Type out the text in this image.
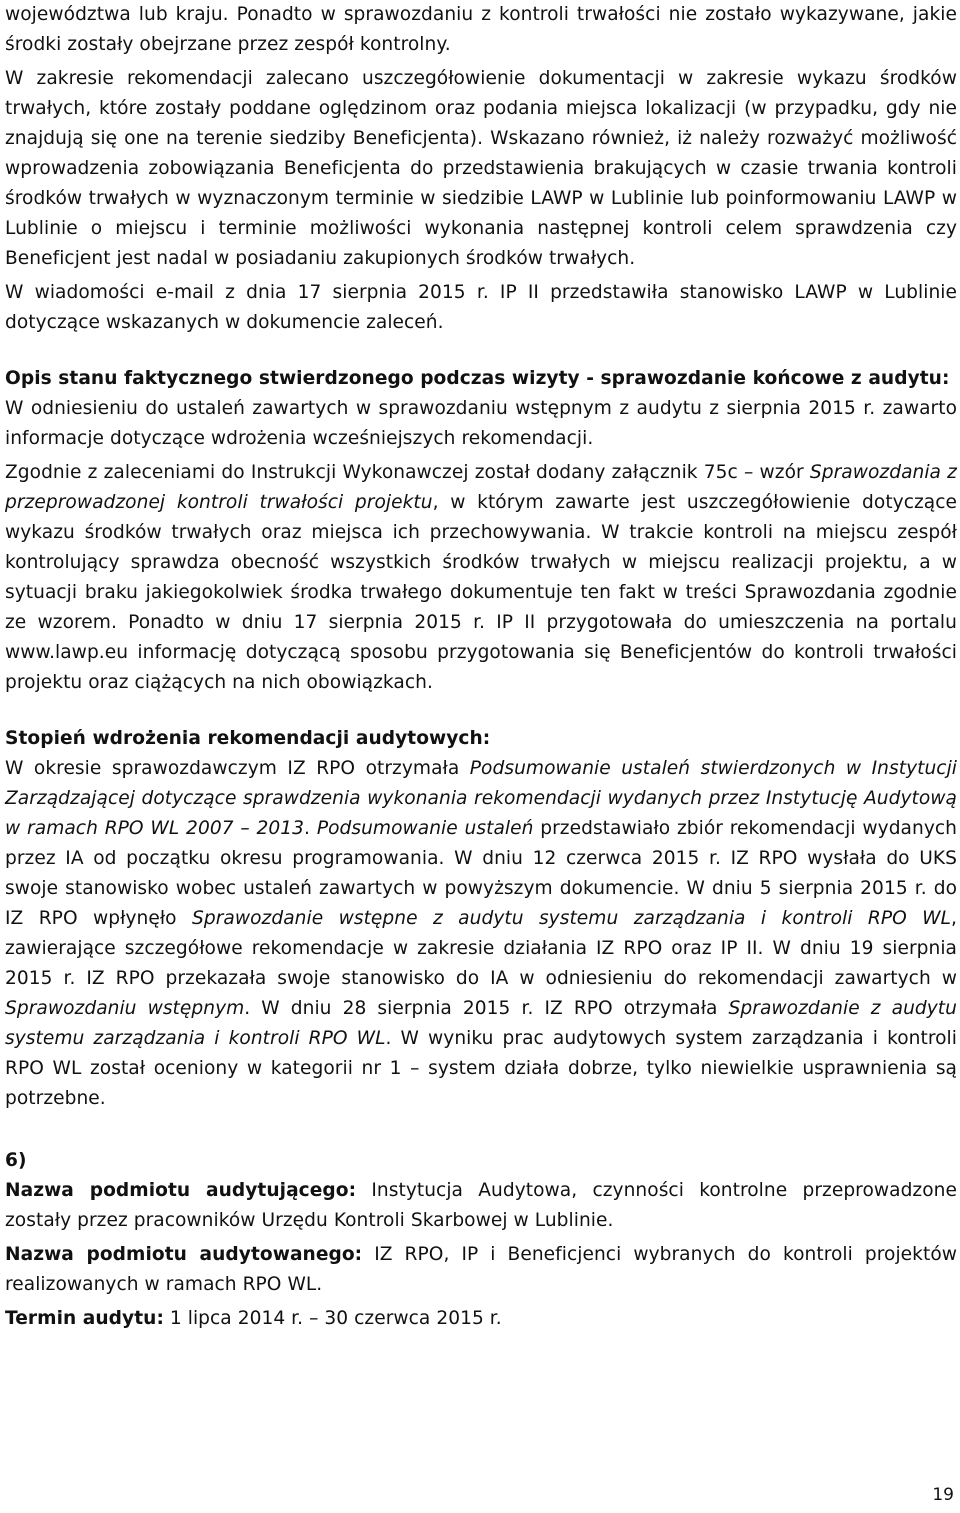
województwa lub kraju. Ponadto w sprawozdaniu z kontroli trwałości nie zostało wykazywane, jakie środki zostały obejrzane przez zespół kontrolny.

W zakresie rekomendacji zalecano uszczegółowienie dokumentacji w zakresie wykazu środków trwałych, które zostały poddane oględzinom oraz podania miejsca lokalizacji (w przypadku, gdy nie znajdują się one na terenie siedziby Beneficjenta). Wskazano również, iż należy rozważyć możliwość wprowadzenia zobowiązania Beneficjenta do przedstawienia brakujących w czasie trwania kontroli środków trwałych w wyznaczonym terminie w siedzibie LAWP w Lublinie lub poinformowaniu LAWP w Lublinie o miejscu i terminie możliwości wykonania następnej kontroli celem sprawdzenia czy Beneficjent jest nadal w posiadaniu zakupionych środków trwałych.

W wiadomości e-mail z dnia 17 sierpnia 2015 r. IP II przedstawiła stanowisko LAWP w Lublinie dotyczące wskazanych w dokumencie zaleceń.

Opis stanu faktycznego stwierdzonego podczas wizyty - sprawozdanie końcowe z audytu:

W odniesieniu do ustaleń zawartych w sprawozdaniu wstępnym z audytu z sierpnia 2015 r. zawarto informacje dotyczące wdrożenia wcześniejszych rekomendacji.

Zgodnie z zaleceniami do Instrukcji Wykonawczej został dodany załącznik 75c – wzór Sprawozdania z przeprowadzonej kontroli trwałości projektu, w którym zawarte jest uszczegółowienie dotyczące wykazu środków trwałych oraz miejsca ich przechowywania. W trakcie kontroli na miejscu zespół kontrolujący sprawdza obecność wszystkich środków trwałych w miejscu realizacji projektu, a w sytuacji braku jakiegokolwiek środka trwałego dokumentuje ten fakt w treści Sprawozdania zgodnie ze wzorem. Ponadto w dniu 17 sierpnia 2015 r. IP II przygotowała do umieszczenia na portalu www.lawp.eu informację dotyczącą sposobu przygotowania się Beneficjentów do kontroli trwałości projektu oraz ciążących na nich obowiązkach.

Stopień wdrożenia rekomendacji audytowych:

W okresie sprawozdawczym IZ RPO otrzymała Podsumowanie ustaleń stwierdzonych w Instytucji Zarządzającej dotyczące sprawdzenia wykonania rekomendacji wydanych przez Instytucję Audytową w ramach RPO WL 2007 – 2013. Podsumowanie ustaleń przedstawiało zbiór rekomendacji wydanych przez IA od początku okresu programowania. W dniu 12 czerwca 2015 r. IZ RPO wysłała do UKS swoje stanowisko wobec ustaleń zawartych w powyższym dokumencie. W dniu 5 sierpnia 2015 r. do IZ RPO wpłynęło Sprawozdanie wstępne z audytu systemu zarządzania i kontroli RPO WL, zawierające szczegółowe rekomendacje w zakresie działania IZ RPO oraz IP II. W dniu 19 sierpnia 2015 r. IZ RPO przekazała swoje stanowisko do IA w odniesieniu do rekomendacji zawartych w Sprawozdaniu wstępnym. W dniu 28 sierpnia 2015 r. IZ RPO otrzymała Sprawozdanie z audytu systemu zarządzania i kontroli RPO WL. W wyniku prac audytowych system zarządzania i kontroli RPO WL został oceniony w kategorii nr 1 – system działa dobrze, tylko niewielkie usprawnienia są potrzebne.

6)

Nazwa podmiotu audytującego: Instytucja Audytowa, czynności kontrolne przeprowadzone zostały przez pracowników Urzędu Kontroli Skarbowej w Lublinie.

Nazwa podmiotu audytowanego: IZ RPO, IP i Beneficjenci wybranych do kontroli projektów realizowanych w ramach RPO WL.

Termin audytu: 1 lipca 2014 r. – 30 czerwca 2015 r.

19
